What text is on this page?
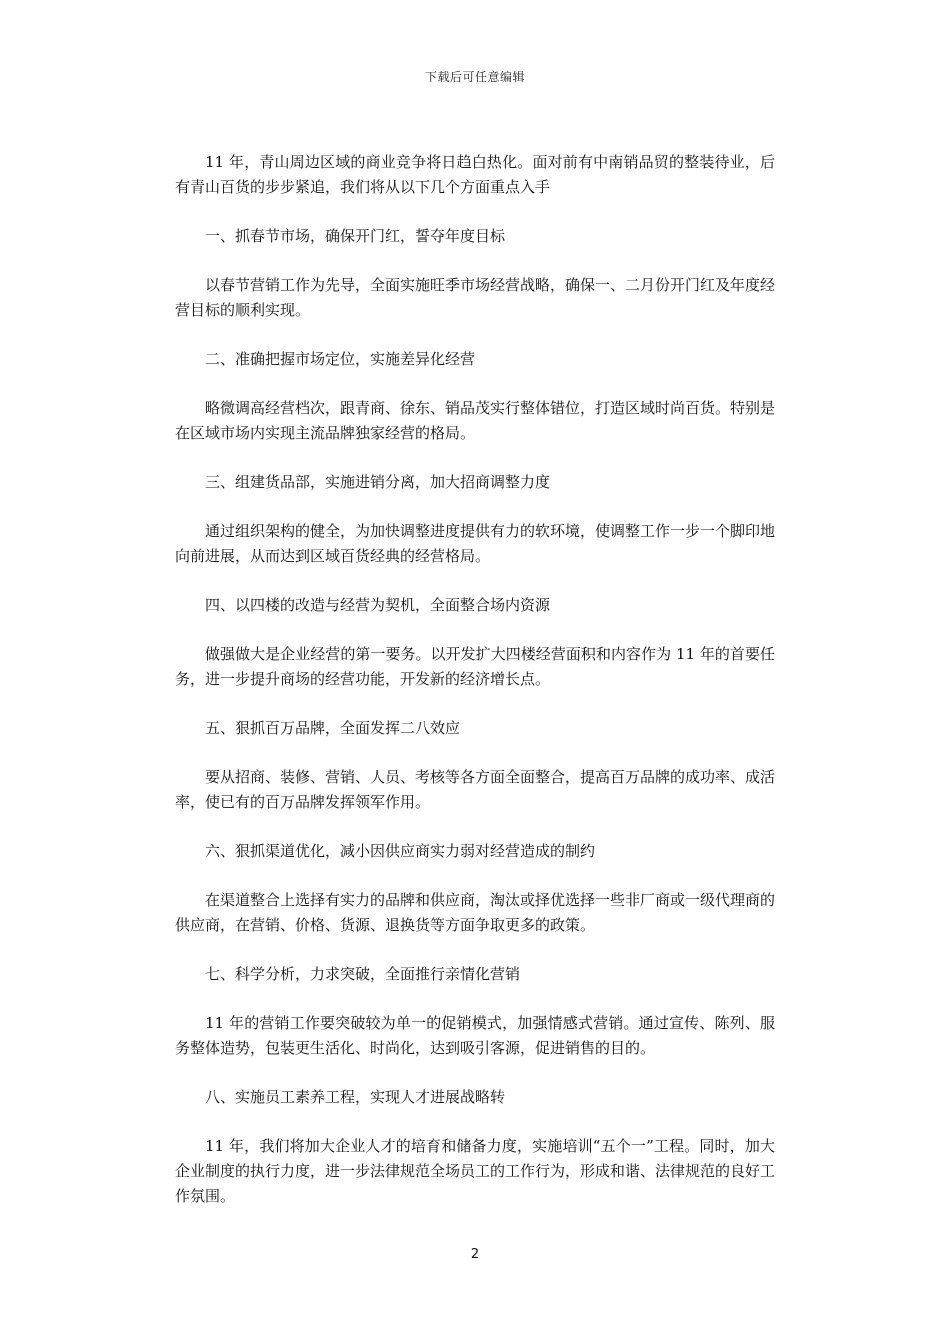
下载后可任意编辑

11 年，青山周边区域的商业竞争将日趋白热化。面对前有中南销品贸的整装待业，后有青山百货的步步紧追，我们将从以下几个方面重点入手

一、抓春节市场，确保开门红，誓夺年度目标

以春节营销工作为先导，全面实施旺季市场经营战略，确保一、二月份开门红及年度经营目标的顺利实现。

二、准确把握市场定位，实施差异化经营

略微调高经营档次，跟青商、徐东、销品茂实行整体错位，打造区域时尚百货。特别是在区域市场内实现主流品牌独家经营的格局。

三、组建货品部，实施进销分离，加大招商调整力度

通过组织架构的健全，为加快调整进度提供有力的软环境，使调整工作一步一个脚印地向前进展，从而达到区域百货经典的经营格局。

四、以四楼的改造与经营为契机，全面整合场内资源

做强做大是企业经营的第一要务。以开发扩大四楼经营面积和内容作为 11 年的首要任务，进一步提升商场的经营功能，开发新的经济增长点。

五、狠抓百万品牌，全面发挥二八效应

要从招商、装修、营销、人员、考核等各方面全面整合，提高百万品牌的成功率、成活率，使已有的百万品牌发挥领军作用。

六、狠抓渠道优化，减小因供应商实力弱对经营造成的制约

在渠道整合上选择有实力的品牌和供应商，淘汰或择优选择一些非厂商或一级代理商的供应商，在营销、价格、货源、退换货等方面争取更多的政策。

七、科学分析，力求突破，全面推行亲情化营销

11 年的营销工作要突破较为单一的促销模式，加强情感式营销。通过宣传、陈列、服务整体造势，包装更生活化、时尚化，达到吸引客源，促进销售的目的。

八、实施员工素养工程，实现人才进展战略转

11 年，我们将加大企业人才的培育和储备力度，实施培训“五个一”工程。同时，加大企业制度的执行力度，进一步法律规范全场员工的工作行为，形成和谐、法律规范的良好工作氛围。

2
